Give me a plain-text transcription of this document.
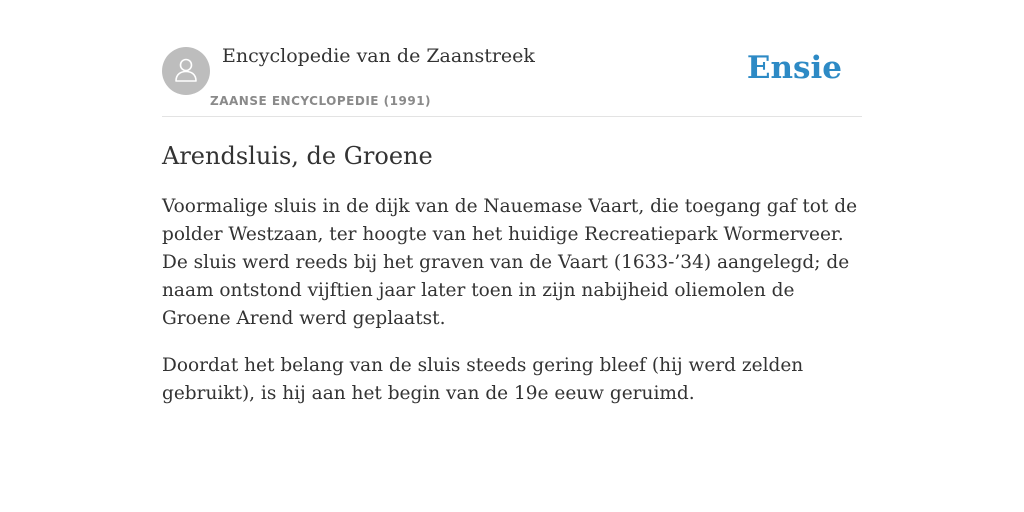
Encyclopedie van de Zaanstreek
ZAANSE ENCYCLOPEDIE (1991)
Ensie
Arendsluis, de Groene

Voormalige sluis in de dijk van de Nauemase Vaart, die toegang gaf tot de polder Westzaan, ter hoogte van het huidige Recreatiepark Wormerveer. De sluis werd reeds bij het graven van de Vaart (1633-’34) aangelegd; de naam ontstond vijftien jaar later toen in zijn nabijheid oliemolen de Groene Arend werd geplaatst.

Doordat het belang van de sluis steeds gering bleef (hij werd zelden gebruikt), is hij aan het begin van de 19e eeuw geruimd.
